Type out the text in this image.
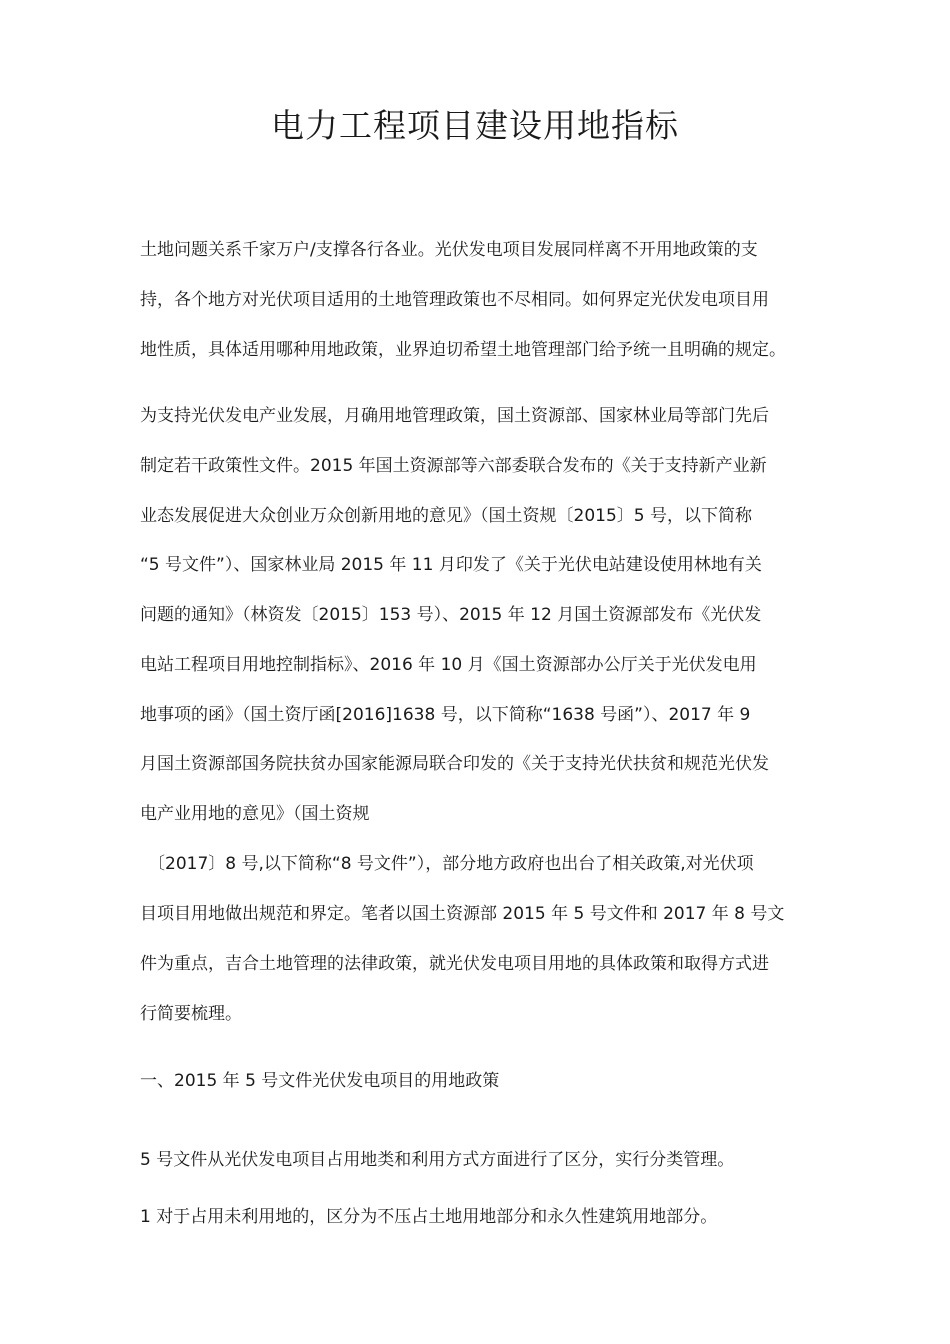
电力工程项目建设用地指标
土地问题关系千家万户/支撑各行各业。光伏发电项目发展同样离不开用地政策的支
持，各个地方对光伏项目适用的土地管理政策也不尽相同。如何界定光伏发电项目用
地性质，具体适用哪种用地政策，业界迫切希望土地管理部门给予统一且明确的规定。
为支持光伏发电产业发展，月确用地管理政策，国土资源部、国家林业局等部门先后
制定若干政策性文件。2015 年国土资源部等六部委联合发布的《关于支持新产业新
业态发展促进大众创业万众创新用地的意见》（国土资规〔2015〕5 号，以下简称
“5 号文件”）、国家林业局 2015 年 11 月印发了《关于光伏电站建设使用林地有关
问题的通知》（林资发〔2015〕153 号）、2015 年 12 月国土资源部发布《光伏发
电站工程项目用地控制指标》、2016 年 10 月《国土资源部办公厅关于光伏发电用
地事项的函》（国土资厅函[2016]1638 号，以下简称“1638 号函”）、2017 年 9
月国土资源部国务院扶贫办国家能源局联合印发的《关于支持光伏扶贫和规范光伏发
电产业用地的意见》（国土资规
〔2017〕8 号,以下简称“8 号文件”），部分地方政府也出台了相关政策,对光伏项
目项目用地做出规范和界定。笔者以国土资源部 2015 年 5 号文件和 2017 年 8 号文
件为重点，吉合土地管理的法律政策，就光伏发电项目用地的具体政策和取得方式进
行简要梳理。
一、2015 年 5 号文件光伏发电项目的用地政策
5 号文件从光伏发电项目占用地类和利用方式方面进行了区分，实行分类管理。
1 对于占用未利用地的，区分为不压占土地用地部分和永久性建筑用地部分。
